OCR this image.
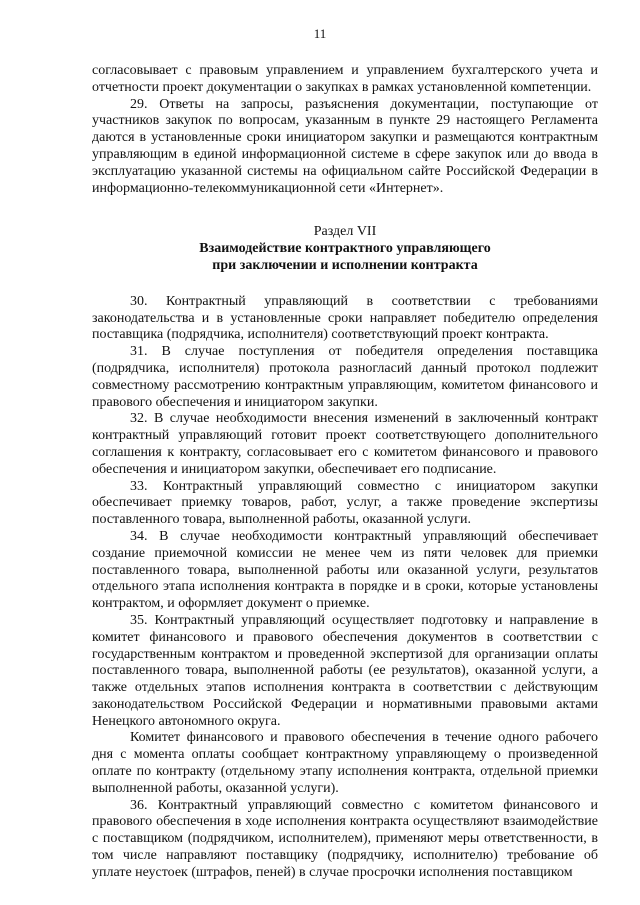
11

согласовывает с правовым управлением и управлением бухгалтерского учета и отчетности проект документации о закупках в рамках установленной компетенции.

29. Ответы на запросы, разъяснения документации, поступающие от участников закупок по вопросам, указанным в пункте 29 настоящего Регламента даются в установленные сроки инициатором закупки и размещаются контрактным управляющим в единой информационной системе в сфере закупок или до ввода в эксплуатацию указанной системы на официальном сайте Российской Федерации в информационно-телекоммуникационной сети «Интернет».

Раздел VII

Взаимодействие контрактного управляющего

при заключении и исполнении контракта

30. Контрактный управляющий в соответствии с требованиями законодательства и в установленные сроки направляет победителю определения поставщика (подрядчика, исполнителя) соответствующий проект контракта.

31. В случае поступления от победителя определения поставщика (подрядчика, исполнителя) протокола разногласий данный протокол подлежит совместному рассмотрению контрактным управляющим, комитетом финансового и правового обеспечения и инициатором закупки.

32. В случае необходимости внесения изменений в заключенный контракт контрактный управляющий готовит проект соответствующего дополнительного соглашения к контракту, согласовывает его с комитетом финансового и правового обеспечения и инициатором закупки, обеспечивает его подписание.

33. Контрактный управляющий совместно с инициатором закупки обеспечивает приемку товаров, работ, услуг, а также проведение экспертизы поставленного товара, выполненной работы, оказанной услуги.

34. В случае необходимости контрактный управляющий обеспечивает создание приемочной комиссии не менее чем из пяти человек для приемки поставленного товара, выполненной работы или оказанной услуги, результатов отдельного этапа исполнения контракта в порядке и в сроки, которые установлены контрактом, и оформляет документ о приемке.

35. Контрактный управляющий осуществляет подготовку и направление в комитет финансового и правового обеспечения документов в соответствии с государственным контрактом и проведенной экспертизой для организации оплаты поставленного товара, выполненной работы (ее результатов), оказанной услуги, а также отдельных этапов исполнения контракта в соответствии с действующим законодательством Российской Федерации и нормативными правовыми актами Ненецкого автономного округа.

Комитет финансового и правового обеспечения в течение одного рабочего дня с момента оплаты сообщает контрактному управляющему о произведенной оплате по контракту (отдельному этапу исполнения контракта, отдельной приемки выполненной работы, оказанной услуги).

36. Контрактный управляющий совместно с комитетом финансового и правового обеспечения в ходе исполнения контракта осуществляют взаимодействие с поставщиком (подрядчиком, исполнителем), применяют меры ответственности, в том числе направляют поставщику (подрядчику, исполнителю) требование об уплате неустоек (штрафов, пеней) в случае просрочки исполнения поставщиком
